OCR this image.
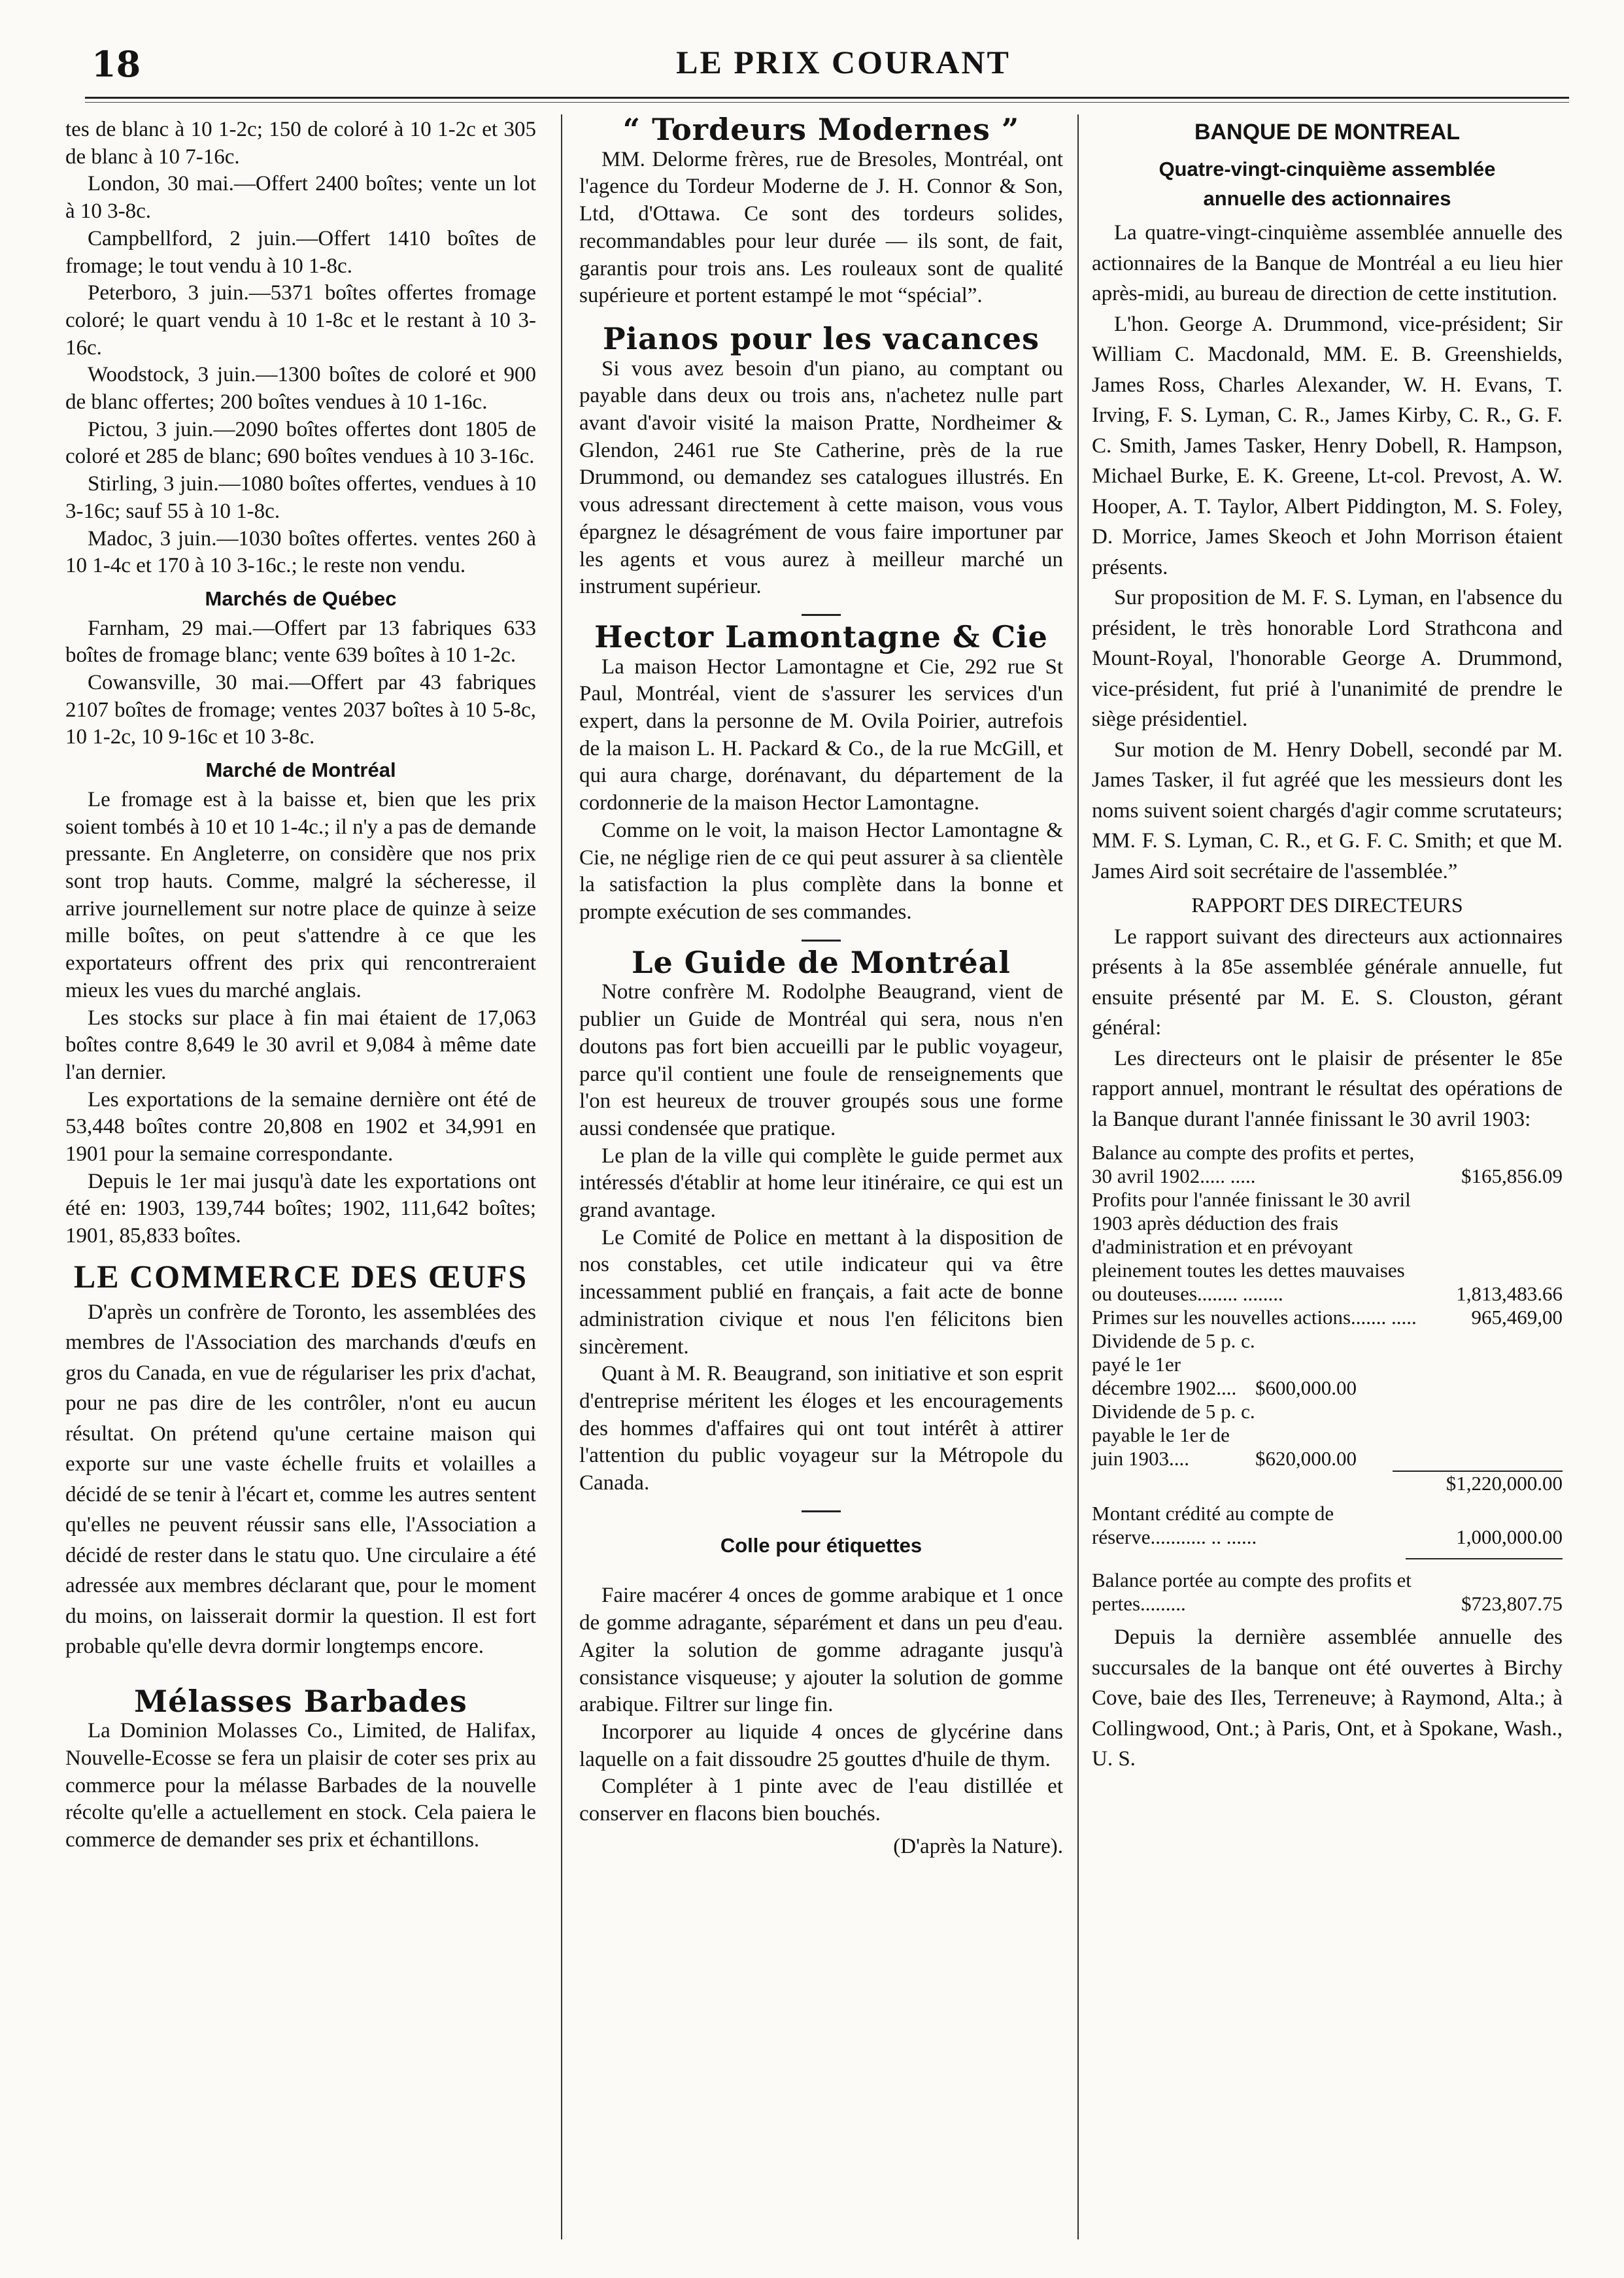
LE PRIX COURANT
18

tes de blanc à 10 1-2c; 150 de coloré à 10 1-2c et 305 de blanc à 10 7-16c.

London, 30 mai.—Offert 2400 boîtes; vente un lot à 10 3-8c.

Campbellford, 2 juin.—Offert 1410 boîtes de fromage; le tout vendu à 10 1-8c.

Peterboro, 3 juin.—5371 boîtes offertes fromage coloré; le quart vendu à 10 1-8c et le restant à 10 3-16c.

Woodstock, 3 juin.—1300 boîtes de coloré et 900 de blanc offertes; 200 boîtes vendues à 10 1-16c.

Pictou, 3 juin.—2090 boîtes offertes dont 1805 de coloré et 285 de blanc; 690 boîtes vendues à 10 3-16c.

Stirling, 3 juin.—1080 boîtes offertes, vendues à 10 3-16c; sauf 55 à 10 1-8c.

Madoc, 3 juin.—1030 boîtes offertes. ventes 260 à 10 1-4c et 170 à 10 3-16c.; le reste non vendu.

Marchés de Québec

Farnham, 29 mai.—Offert par 13 fabriques 633 boîtes de fromage blanc; vente 639 boîtes à 10 1-2c.

Cowansville, 30 mai.—Offert par 43 fabriques 2107 boîtes de fromage; ventes 2037 boîtes à 10 5-8c, 10 1-2c, 10 9-16c et 10 3-8c.

Marché de Montréal

Le fromage est à la baisse et, bien que les prix soient tombés à 10 et 10 1-4c.; il n'y a pas de demande pressante. En Angleterre, on considère que nos prix sont trop hauts. Comme, malgré la sécheresse, il arrive journellement sur notre place de quinze à seize mille boîtes, on peut s'attendre à ce que les exportateurs offrent des prix qui rencontreraient mieux les vues du marché anglais.

Les stocks sur place à fin mai étaient de 17,063 boîtes contre 8,649 le 30 avril et 9,084 à même date l'an dernier.

Les exportations de la semaine dernière ont été de 53,448 boîtes contre 20,808 en 1902 et 34,991 en 1901 pour la semaine correspondante.

Depuis le 1er mai jusqu'à date les exportations ont été en: 1903, 139,744 boîtes; 1902, 111,642 boîtes; 1901, 85,833 boîtes.

LE COMMERCE DES ŒUFS

D'après un confrère de Toronto, les assemblées des membres de l'Association des marchands d'œufs en gros du Canada, en vue de régulariser les prix d'achat, pour ne pas dire de les contrôler, n'ont eu aucun résultat. On prétend qu'une certaine maison qui exporte sur une vaste échelle fruits et volailles a décidé de se tenir à l'écart et, comme les autres sentent qu'elles ne peuvent réussir sans elle, l'Association a décidé de rester dans le statu quo. Une circulaire a été adressée aux membres déclarant que, pour le moment du moins, on laisserait dormir la question. Il est fort probable qu'elle devra dormir longtemps encore.

Mélasses Barbades

La Dominion Molasses Co., Limited, de Halifax, Nouvelle-Ecosse se fera un plaisir de coter ses prix au commerce pour la mélasse Barbades de la nouvelle récolte qu'elle a actuellement en stock. Cela paiera le commerce de demander ses prix et échantillons.

“ Tordeurs Modernes ”

MM. Delorme frères, rue de Bresoles, Montréal, ont l'agence du Tordeur Moderne de J. H. Connor & Son, Ltd, d'Ottawa. Ce sont des tordeurs solides, recommandables pour leur durée — ils sont, de fait, garantis pour trois ans. Les rouleaux sont de qualité supérieure et portent estampé le mot “spécial”.

Pianos pour les vacances

Si vous avez besoin d'un piano, au comptant ou payable dans deux ou trois ans, n'achetez nulle part avant d'avoir visité la maison Pratte, Nordheimer & Glendon, 2461 rue Ste Catherine, près de la rue Drummond, ou demandez ses catalogues illustrés. En vous adressant directement à cette maison, vous vous épargnez le désagrément de vous faire importuner par les agents et vous aurez à meilleur marché un instrument supérieur.

Hector Lamontagne & Cie

La maison Hector Lamontagne et Cie, 292 rue St Paul, Montréal, vient de s'assurer les services d'un expert, dans la personne de M. Ovila Poirier, autrefois de la maison L. H. Packard & Co., de la rue McGill, et qui aura charge, dorénavant, du département de la cordonnerie de la maison Hector Lamontagne.

Comme on le voit, la maison Hector Lamontagne & Cie, ne néglige rien de ce qui peut assurer à sa clientèle la satisfaction la plus complète dans la bonne et prompte exécution de ses commandes.

Le Guide de Montréal

Notre confrère M. Rodolphe Beaugrand, vient de publier un Guide de Montréal qui sera, nous n'en doutons pas fort bien accueilli par le public voyageur, parce qu'il contient une foule de renseignements que l'on est heureux de trouver groupés sous une forme aussi condensée que pratique.

Le plan de la ville qui complète le guide permet aux intéressés d'établir at home leur itinéraire, ce qui est un grand avantage.

Le Comité de Police en mettant à la disposition de nos constables, cet utile indicateur qui va être incessamment publié en français, a fait acte de bonne administration civique et nous l'en félicitons bien sincèrement.

Quant à M. R. Beaugrand, son initiative et son esprit d'entreprise méritent les éloges et les encouragements des hommes d'affaires qui ont tout intérêt à attirer l'attention du public voyageur sur la Métropole du Canada.

Colle pour étiquettes

Faire macérer 4 onces de gomme arabique et 1 once de gomme adragante, séparément et dans un peu d'eau. Agiter la solution de gomme adragante jusqu'à consistance visqueuse; y ajouter la solution de gomme arabique. Filtrer sur linge fin.

Incorporer au liquide 4 onces de glycérine dans laquelle on a fait dissoudre 25 gouttes d'huile de thym.

Compléter à 1 pinte avec de l'eau distillée et conserver en flacons bien bouchés.

(D'après la Nature).
BANQUE DE MONTREAL
Quatre-vingt-cinquième assemblée
annuelle des actionnaires

La quatre-vingt-cinquième assemblée annuelle des actionnaires de la Banque de Montréal a eu lieu hier après-midi, au bureau de direction de cette institution.

L'hon. George A. Drummond, vice-président; Sir William C. Macdonald, MM. E. B. Greenshields, James Ross, Charles Alexander, W. H. Evans, T. Irving, F. S. Lyman, C. R., James Kirby, C. R., G. F. C. Smith, James Tasker, Henry Dobell, R. Hampson, Michael Burke, E. K. Greene, Lt-col. Prevost, A. W. Hooper, A. T. Taylor, Albert Piddington, M. S. Foley, D. Morrice, James Skeoch et John Morrison étaient présents.

Sur proposition de M. F. S. Lyman, en l'absence du président, le très honorable Lord Strathcona and Mount-Royal, l'honorable George A. Drummond, vice-président, fut prié à l'unanimité de prendre le siège présidentiel.

Sur motion de M. Henry Dobell, secondé par M. James Tasker, il fut agréé que les messieurs dont les noms suivent soient chargés d'agir comme scrutateurs; MM. F. S. Lyman, C. R., et G. F. C. Smith; et que M. James Aird soit secrétaire de l'assemblée.”

RAPPORT DES DIRECTEURS

Le rapport suivant des directeurs aux actionnaires présents à la 85e assemblée générale annuelle, fut ensuite présenté par M. E. S. Clouston, gérant général:

Les directeurs ont le plaisir de présenter le 85e rapport annuel, montrant le résultat des opérations de la Banque durant l'année finissant le 30 avril 1903:

Balance au compte des profits et pertes, 30 avril 1902..... .....	$165,856.09
Profits pour l'année finissant le 30 avril 1903 après déduction des frais d'administration et en prévoyant pleinement toutes les dettes mauvaises ou douteuses........ ........	1,813,483.66
Primes sur les nouvelles actions....... .....	965,469,00
Dividende de 5 p. c. payé le 1er décembre 1902.... $600,000.00
Dividende de 5 p. c. payable le 1er de juin 1903....	$620,000.00
$1,220,000.00
Montant crédité au compte de réserve........... .. ......	1,000,000.00
Balance portée au compte des profits et pertes.........	$723,807.75

Depuis la dernière assemblée annuelle des succursales de la banque ont été ouvertes à Birchy Cove, baie des Iles, Terreneuve; à Raymond, Alta.; à Collingwood, Ont.; à Paris, Ont, et à Spokane, Wash., U. S.
